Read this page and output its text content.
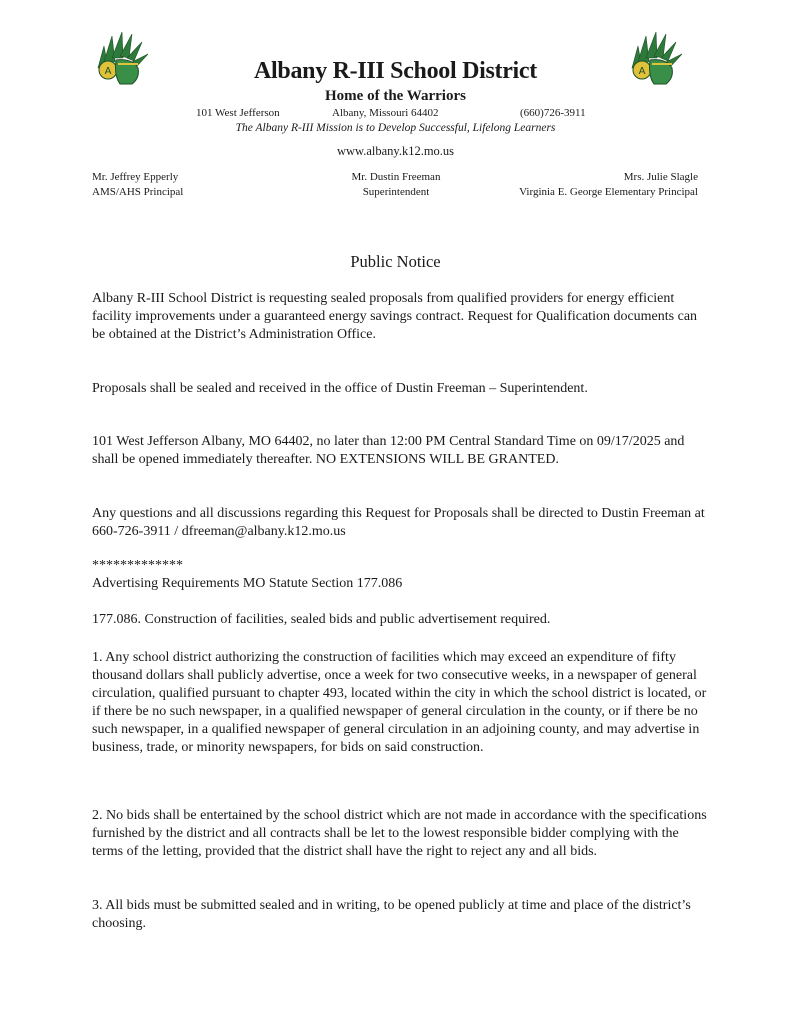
A	A
Albany R-III School District
Home of the Warriors
101 West Jefferson	Albany, Missouri 64402	(660)726-3911
The Albany R-III Mission is to Develop Successful, Lifelong Learners
www.albany.k12.mo.us
Mr. Jeffrey Epperly
AMS/AHS Principal
Mr. Dustin Freeman
Superintendent
Mrs. Julie Slagle
Virginia E. George Elementary Principal
Public Notice
Albany R-III School District is requesting sealed proposals from qualified providers for energy efficient facility improvements under a guaranteed energy savings contract. Request for Qualification documents can be obtained at the District’s Administration Office.
Proposals shall be sealed and received in the office of Dustin Freeman – Superintendent.
101 West Jefferson Albany, MO 64402, no later than 12:00 PM Central Standard Time on 09/17/2025 and shall be opened immediately thereafter. NO EXTENSIONS WILL BE GRANTED.
Any questions and all discussions regarding this Request for Proposals shall be directed to Dustin Freeman at 660-726-3911 / dfreeman@albany.k12.mo.us
*************
Advertising Requirements MO Statute Section 177.086
177.086. Construction of facilities, sealed bids and public advertisement required.
1. Any school district authorizing the construction of facilities which may exceed an expenditure of fifty thousand dollars shall publicly advertise, once a week for two consecutive weeks, in a newspaper of general circulation, qualified pursuant to chapter 493, located within the city in which the school district is located, or if there be no such newspaper, in a qualified newspaper of general circulation in the county, or if there be no such newspaper, in a qualified newspaper of general circulation in an adjoining county, and may advertise in business, trade, or minority newspapers, for bids on said construction.
2. No bids shall be entertained by the school district which are not made in accordance with the specifications furnished by the district and all contracts shall be let to the lowest responsible bidder complying with the terms of the letting, provided that the district shall have the right to reject any and all bids.
3. All bids must be submitted sealed and in writing, to be opened publicly at time and place of the district’s choosing.
